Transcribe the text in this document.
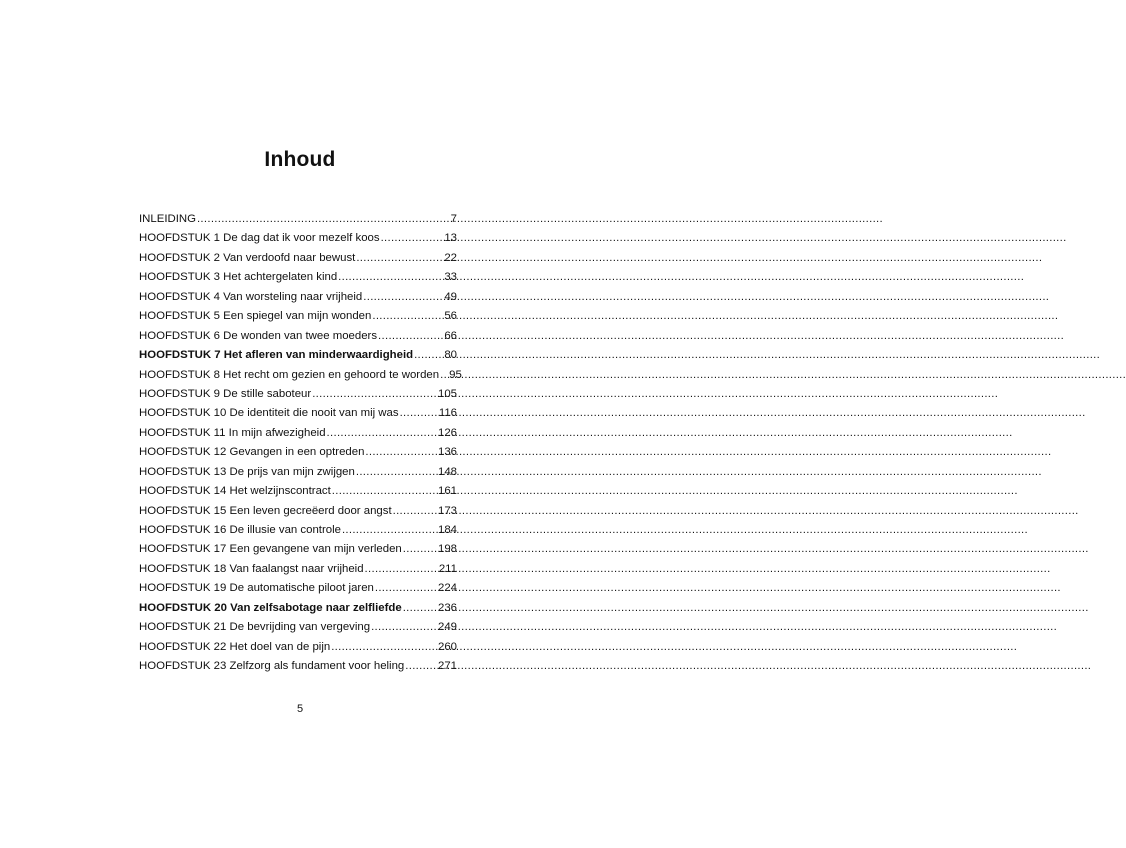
Inhoud
INLEIDING .....	7
HOOFDSTUK 1 De dag dat ik voor mezelf koos .....	13
HOOFDSTUK 2 Van verdoofd naar bewust .....	22
HOOFDSTUK 3 Het achtergelaten kind .....	33
HOOFDSTUK 4 Van worsteling naar vrijheid .....	49
HOOFDSTUK 5 Een spiegel van mijn wonden .....	56
HOOFDSTUK 6 De wonden van twee moeders .....	66
HOOFDSTUK 7 Het afleren van minderwaardigheid .....	80
HOOFDSTUK 8 Het recht om gezien en gehoord te worden ..... 95
HOOFDSTUK 9 De stille saboteur .....	105
HOOFDSTUK 10 De identiteit die nooit van mij was .....	116
HOOFDSTUK 11 In mijn afwezigheid .....	126
HOOFDSTUK 12 Gevangen in een optreden .....	136
HOOFDSTUK 13 De prijs van mijn zwijgen .....	148
HOOFDSTUK 14 Het welzijnscontract .....	161
HOOFDSTUK 15 Een leven gecreëerd door angst .....	173
HOOFDSTUK 16 De illusie van controle .....	184
HOOFDSTUK 17 Een gevangene van mijn verleden .....	198
HOOFDSTUK 18 Van faalangst naar vrijheid .....	211
HOOFDSTUK 19 De automatische piloot jaren .....	224
HOOFDSTUK 20 Van zelfsabotage naar zelfliefde .....	236
HOOFDSTUK 21 De bevrijding van vergeving .....	249
HOOFDSTUK 22 Het doel van de pijn .....	260
HOOFDSTUK 23 Zelfzorg als fundament voor heling .....	271
5
